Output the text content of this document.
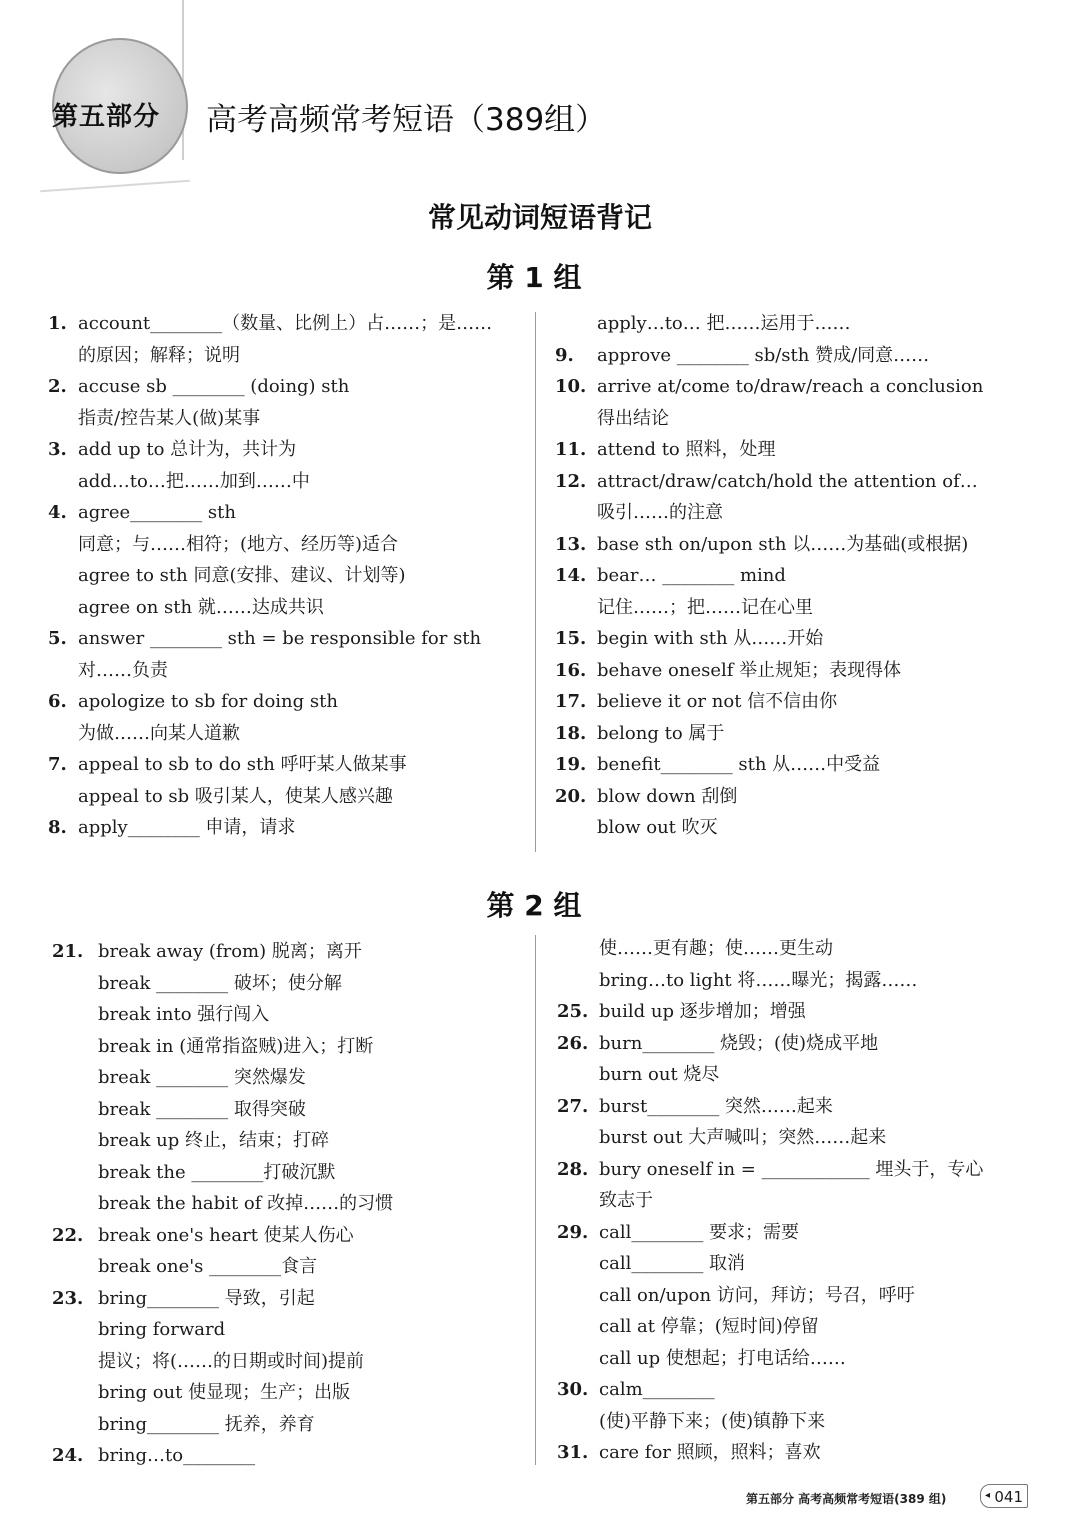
第五部分	高考高频常考短语（389组）
常见动词短语背记
第 1 组
1. account________（数量、比例上）占……；是……
的原因；解释；说明
2. accuse sb ________ (doing) sth
指责/控告某人(做)某事
3. add up to 总计为，共计为
add…to…把……加到……中
4. agree________ sth
同意；与……相符；(地方、经历等)适合
agree to sth 同意(安排、建议、计划等)
agree on sth 就……达成共识
5. answer ________ sth = be responsible for sth
对……负责
6. apologize to sb for doing sth
为做……向某人道歉
7. appeal to sb to do sth 呼吁某人做某事
appeal to sb 吸引某人，使某人感兴趣
8. apply________ 申请，请求
apply…to… 把……运用于……
9. approve ________ sb/sth 赞成/同意……
10. arrive at/come to/draw/reach a conclusion
得出结论
11. attend to 照料，处理
12. attract/draw/catch/hold the attention of…
吸引……的注意
13. base sth on/upon sth 以……为基础(或根据)
14. bear… ________ mind
记住……；把……记在心里
15. begin with sth 从……开始
16. behave oneself 举止规矩；表现得体
17. believe it or not 信不信由你
18. belong to 属于
19. benefit________ sth 从……中受益
20. blow down 刮倒
blow out 吹灭
第 2 组
21. break away (from) 脱离；离开
break ________ 破坏；使分解
break into 强行闯入
break in (通常指盗贼)进入；打断
break ________ 突然爆发
break ________ 取得突破
break up 终止，结束；打碎
break the ________打破沉默
break the habit of 改掉……的习惯
22. break one's heart 使某人伤心
break one's ________食言
23. bring________ 导致，引起
bring forward
提议；将(……的日期或时间)提前
bring out 使显现；生产；出版
bring________ 抚养，养育
24. bring…to________
使……更有趣；使……更生动
bring…to light 将……曝光；揭露……
25. build up 逐步增加；增强
26. burn________ 烧毁；(使)烧成平地
burn out 烧尽
27. burst________ 突然……起来
burst out 大声喊叫；突然……起来
28. bury oneself in = ____________ 埋头于，专心
致志于
29. call________ 要求；需要
call________ 取消
call on/upon 访问，拜访；号召，呼吁
call at 停靠；(短时间)停留
call up 使想起；打电话给……
30. calm________
(使)平静下来；(使)镇静下来
31. care for 照顾，照料；喜欢
第五部分 高考高频常考短语(389 组)	041
◂
